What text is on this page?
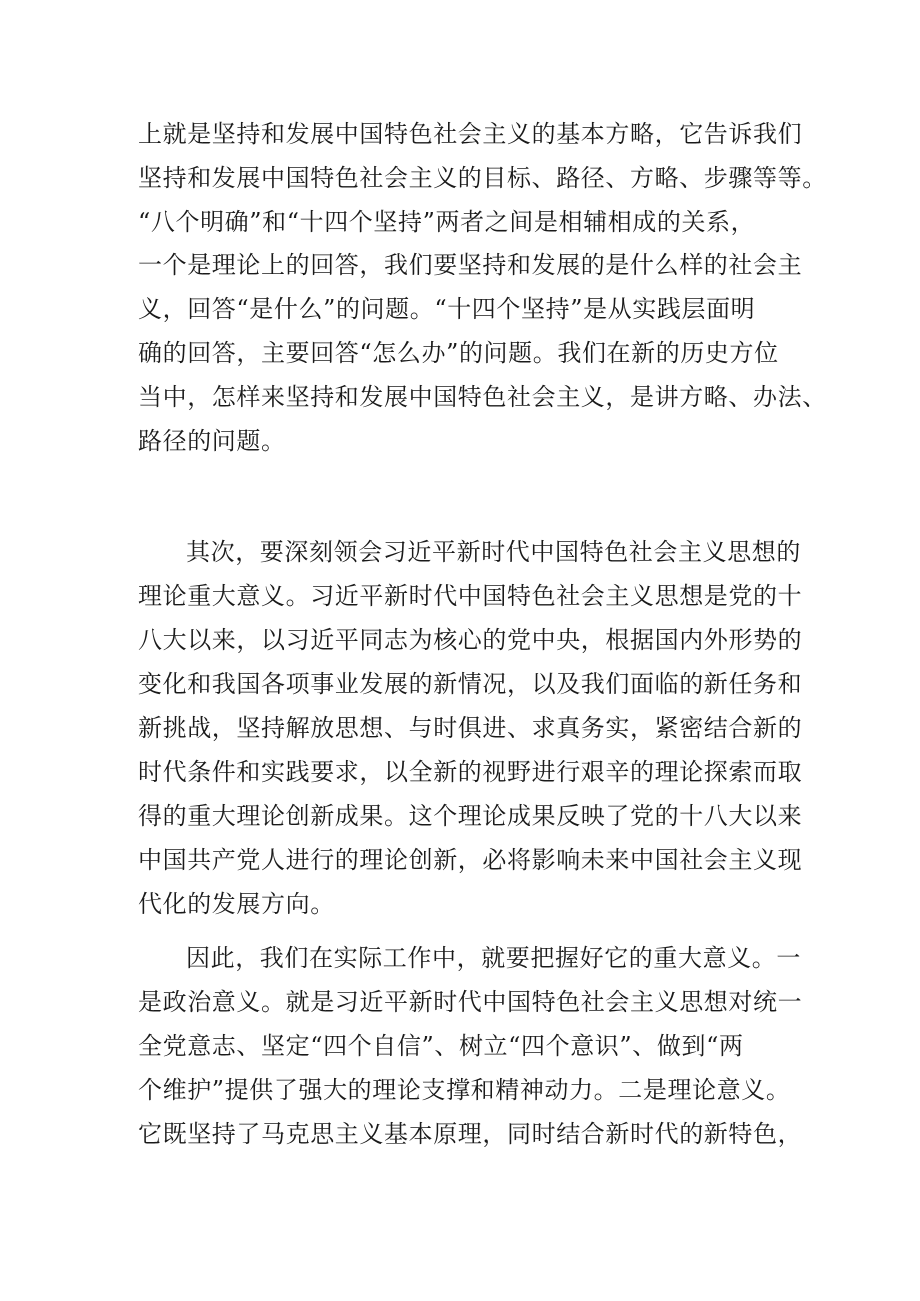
上就是坚持和发展中国特色社会主义的基本方略，它告诉我们
坚持和发展中国特色社会主义的目标、路径、方略、步骤等等。
“八个明确”和“十四个坚持”两者之间是相辅相成的关系，
一个是理论上的回答，我们要坚持和发展的是什么样的社会主
义，回答“是什么”的问题。“十四个坚持”是从实践层面明
确的回答，主要回答“怎么办”的问题。我们在新的历史方位
当中，怎样来坚持和发展中国特色社会主义，是讲方略、办法、
路径的问题。
其次，要深刻领会习近平新时代中国特色社会主义思想的
理论重大意义。习近平新时代中国特色社会主义思想是党的十
八大以来，以习近平同志为核心的党中央，根据国内外形势的
变化和我国各项事业发展的新情况，以及我们面临的新任务和
新挑战，坚持解放思想、与时俱进、求真务实，紧密结合新的
时代条件和实践要求，以全新的视野进行艰辛的理论探索而取
得的重大理论创新成果。这个理论成果反映了党的十八大以来
中国共产党人进行的理论创新，必将影响未来中国社会主义现
代化的发展方向。
因此，我们在实际工作中，就要把握好它的重大意义。一
是政治意义。就是习近平新时代中国特色社会主义思想对统一
全党意志、坚定“四个自信”、树立“四个意识”、做到“两
个维护”提供了强大的理论支撑和精神动力。二是理论意义。
它既坚持了马克思主义基本原理，同时结合新时代的新特色，
